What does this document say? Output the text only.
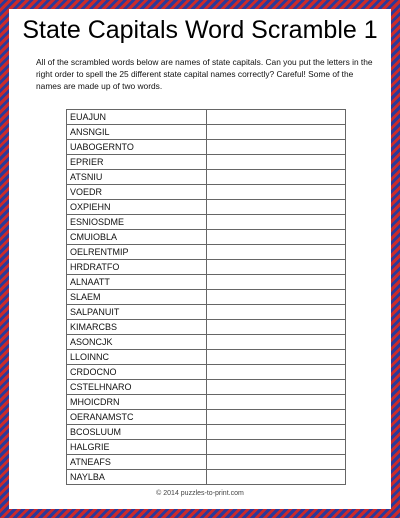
State Capitals Word Scramble 1
All of the scrambled words below are names of state capitals. Can you put the letters in the right order to spell the 25 different state capital names correctly? Careful! Some of the names are made up of two words.
EUAJUN	
ANSNGIL	
UABOGERNTO	
EPRIER	
ATSNIU	
VOEDR	
OXPIEHN	
ESNIOSDME	
CMUIOBLA	
OELRENTMIP	
HRDRATFO	
ALNAATT	
SLAEM	
SALPANUIT	
KIMARCBS	
ASONCJK	
LLOINNC	
CRDOCNO	
CSTELHNARO	
MHOICDRN	
OERANAMSTC	
BCOSLUUM	
HALGRIE	
ATNEAFS	
NAYLBA	
© 2014 puzzles-to-print.com
